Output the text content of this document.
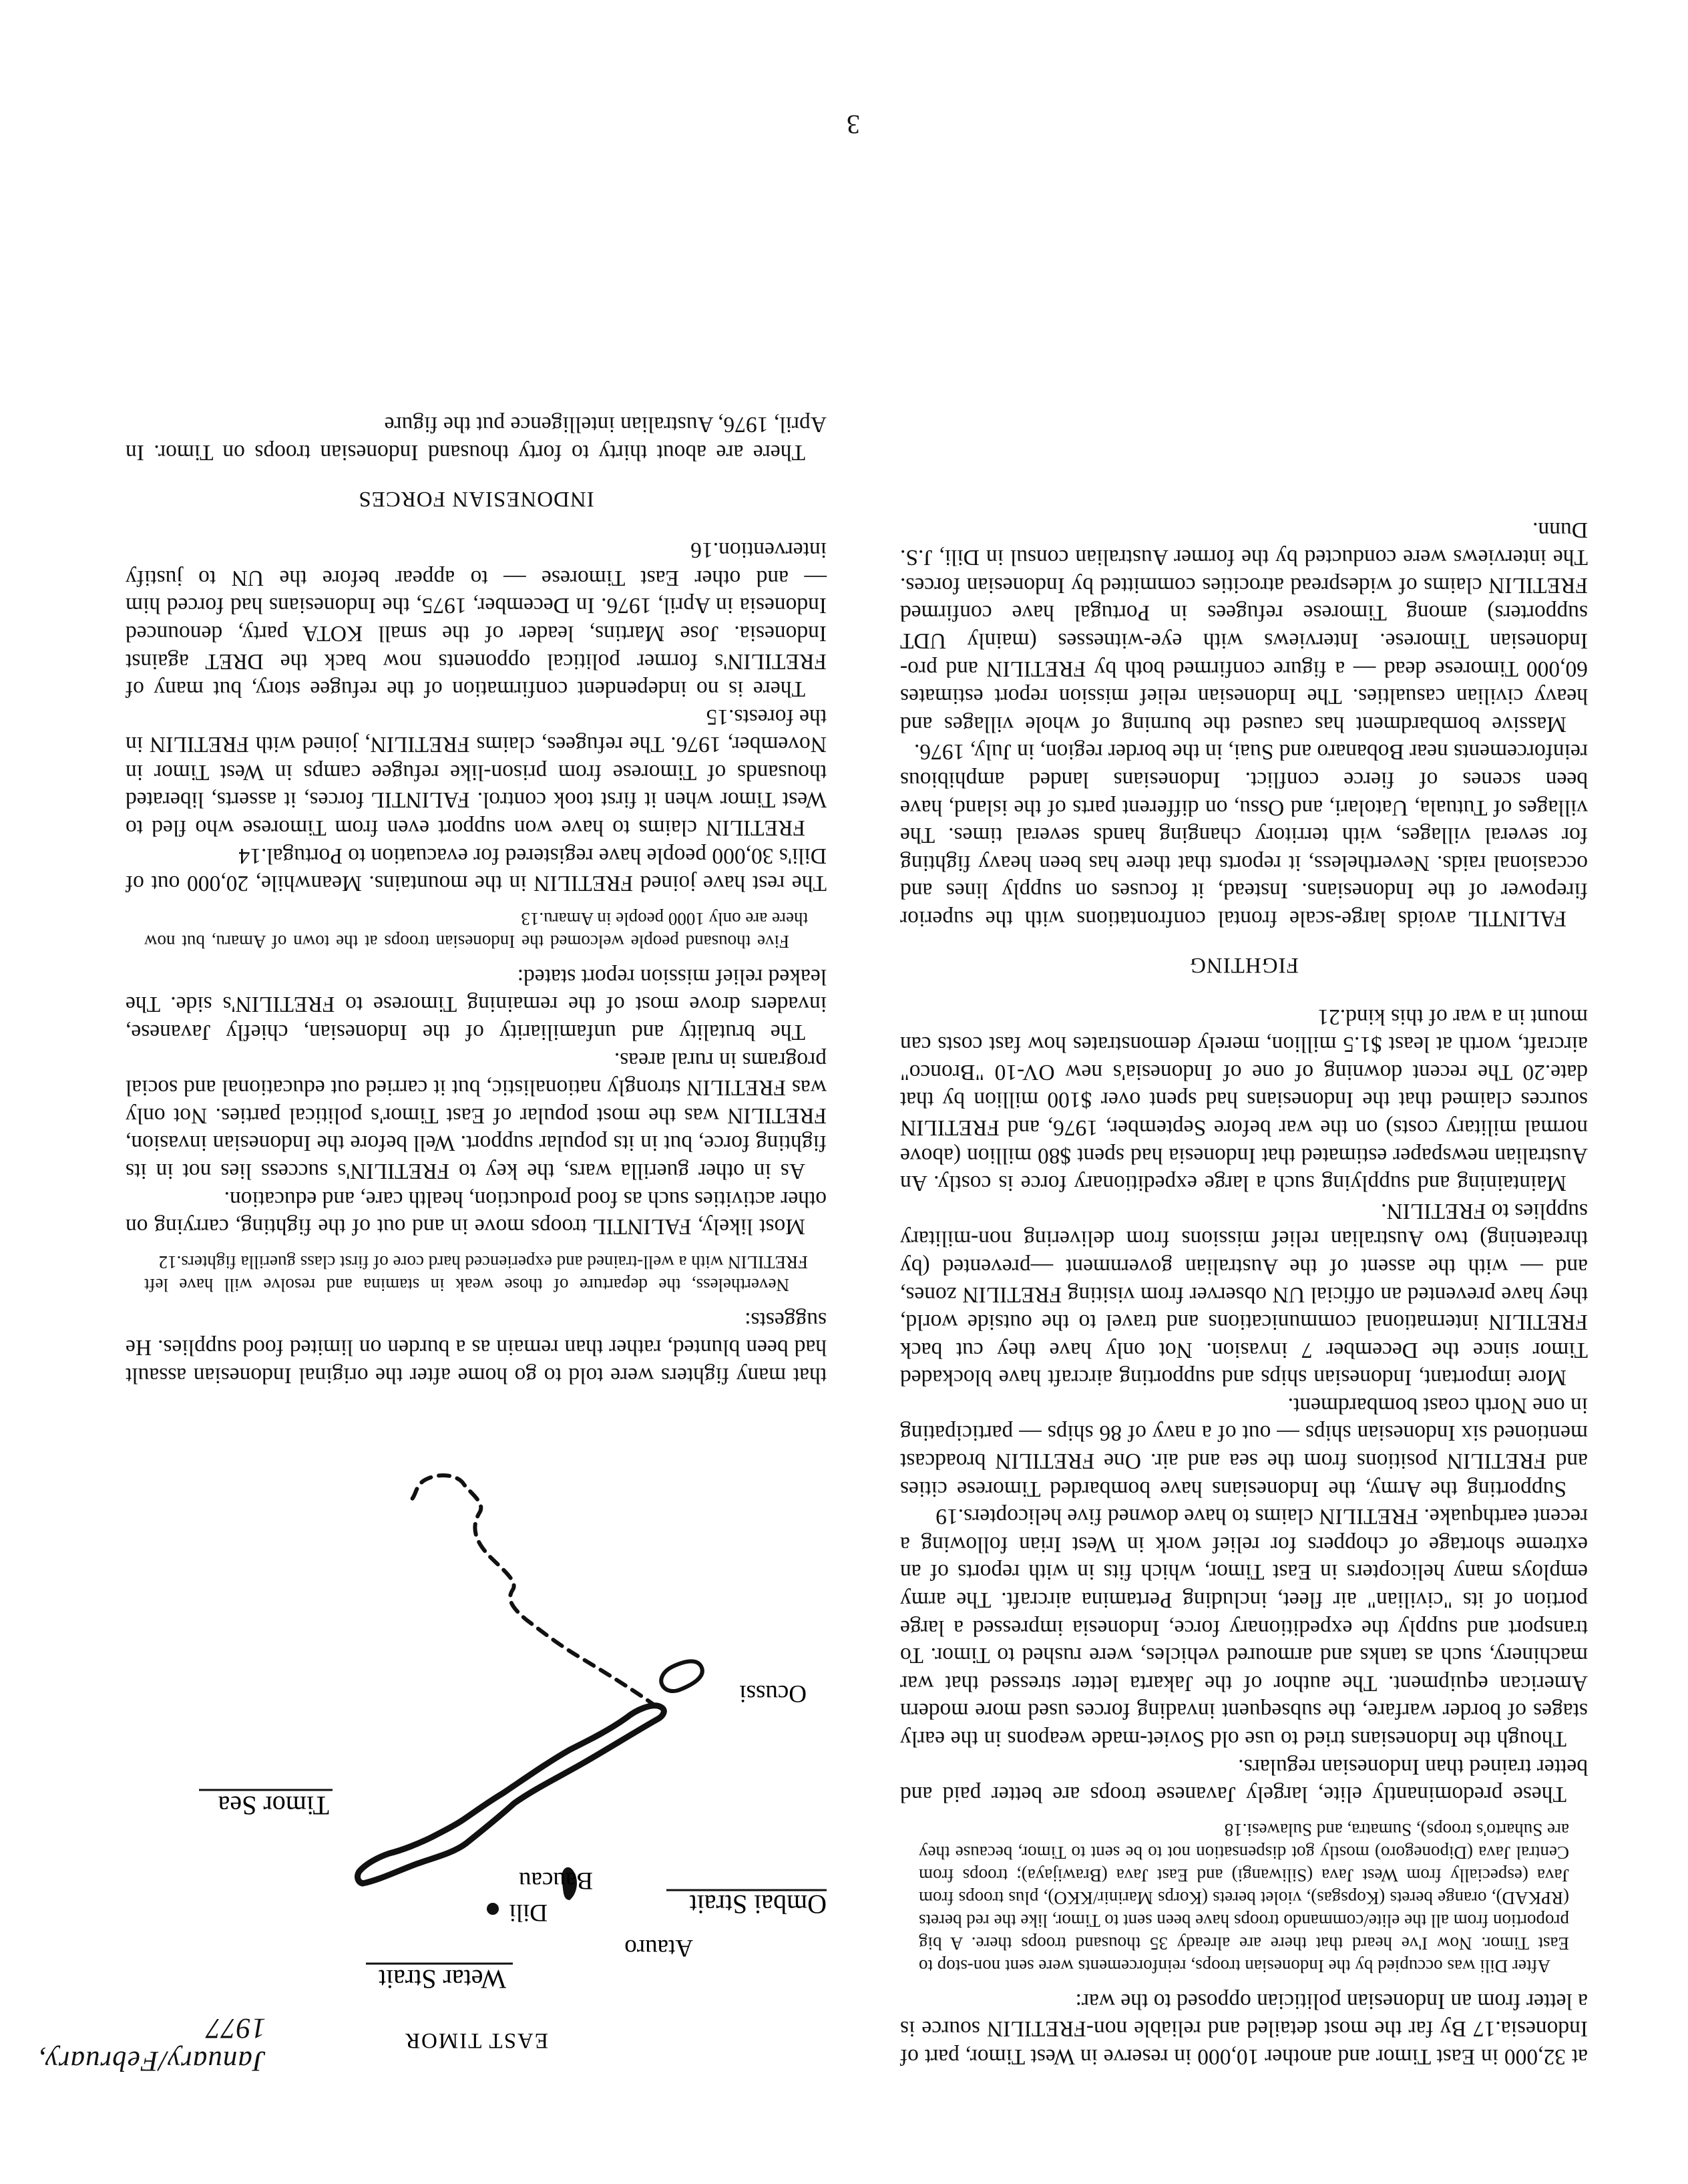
January/February, 1977

at 32,000 in East Timor and another 10,000 in reserve in West Timor, part of Indonesia.17 By far the most detailed and reliable non-FRETILIN source is a letter from an Indonesian politician opposed to the war:

After Dili was occupied by the Indonesian troops, reinforcements were sent non-stop to East Timor. Now I've heard that there are already 35 thousand troops there. A big proportion from all the elite/commando troops have been sent to Timor, like the red berets (RPKAD), orange berets (Kopsgas), violet berets (Korps Marinir/KKO), plus troops from Java (especially from West Java (Siliwangi) and East Java (Brawijaya); troops from Central Java (Diponegoro) mostly got dispensation not to be sent to Timor, because they are Suharto's troops), Sumatra, and Sulawesi.18

These predominantly elite, largely Javanese troops are better paid and better trained than Indonesian regulars.

Though the Indonesians tried to use old Soviet-made weapons in the early stages of border warfare, the subsequent invading forces used more modern American equipment. The author of the Jakarta letter stressed that war machinery, such as tanks and armoured vehicles, were rushed to Timor. To transport and supply the expeditionary force, Indonesia impressed a large portion of its "civilian" air fleet, including Pertamina aircraft. The army employs many helicopters in East Timor, which fits in with reports of an extreme shortage of choppers for relief work in West Irian following a recent earthquake. FRETILIN claims to have downed five helicopters.19

Supporting the Army, the Indonesians have bombarded Timorese cities and FRETILIN positions from the sea and air. One FRETILIN broadcast mentioned six Indonesian ships — out of a navy of 86 ships — participating in one North coast bombardment.

More important, Indonesian ships and supporting aircraft have blockaded Timor since the December 7 invasion. Not only have they cut back FRETILIN international communications and travel to the outside world, they have prevented an official UN observer from visiting FRETILIN zones, and — with the assent of the Australian government —prevented (by threatening) two Australian relief missions from delivering non-military supplies to FRETILIN.

Maintaining and supplying such a large expeditionary force is costly. An Australian newspaper estimated that Indonesia had spent $80 million (above normal military costs) on the war before September, 1976, and FRETILIN sources claimed that the Indonesians had spent over $100 million by that date.20 The recent downing of one of Indonesia's new OV-10 "Bronco" aircraft, worth at least $1.5 million, merely demonstrates how fast costs can mount in a war of this kind.21

FIGHTING

FALINTIL avoids large-scale frontal confrontations with the superior firepower of the Indonesians. Instead, it focuses on supply lines and occasional raids. Nevertheless, it reports that there has been heavy fighting for several villages, with territory changing hands several times. The villages of Tutuala, Uatolari, and Ossu, on different parts of the island, have been scenes of fierce conflict. Indonesians landed amphibious reinforcements near Bobanaro and Suai, in the border region, in July, 1976.

Massive bombardment has caused the burning of whole villages and heavy civilian casualties. The Indonesian relief mission report estimates 60,000 Timorese dead — a figure confirmed both by FRETILIN and pro-Indonesian Timorese. Interviews with eye-witnesses (mainly UDT supporters) among Timorese refugees in Portugal have confirmed FRETILIN claims of widespread atrocities committed by Indonesian forces. The interviews were conducted by the former Australian consul in Dili, J.S. Dunn.

EAST TIMOR
Atauro
Wetar Strait
Ombai Strait
Baucau
Dili
Ocussi
Timor Sea

that many fighters were told to go home after the original Indonesian assault had been blunted, rather than remain as a burden on limited food supplies. He suggests:

Nevertheless, the departure of those weak in stamina and resolve will have left FRETILIN with a well-trained and experienced hard core of first class guerilla fighters.12

Most likely, FALINTIL troops move in and out of the fighting, carrying on other activities such as food production, health care, and education.

As in other guerilla wars, the key to FRETILIN's success lies not in its fighting force, but in its popular support. Well before the Indonesian invasion, FRETILIN was the most popular of East Timor's political parties. Not only was FRETILIN strongly nationalistic, but it carried out educational and social programs in rural areas.

The brutality and unfamiliarity of the Indonesian, chiefly Javanese, invaders drove most of the remaining Timorese to FRETILIN's side. The leaked relief mission report stated:

Five thousand people welcomed the Indonesian troops at the town of Amaru, but now there are only 1000 people in Amaru.13

The rest have joined FRETILIN in the mountains. Meanwhile, 20,000 out of Dili's 30,000 people have registered for evacuation to Portugal.14

FRETILIN claims to have won support even from Timorese who fled to West Timor when it first took control. FALINTIL forces, it asserts, liberated thousands of Timorese from prison-like refugee camps in West Timor in November, 1976. The refugees, claims FRETILIN, joined with FRETILIN in the forests.15

There is no independent confirmation of the refugee story, but many of FRETILIN's former political opponents now back the DRET against Indonesia. Jose Martins, leader of the small KOTA party, denounced Indonesia in April, 1976. In December, 1975, the Indonesians had forced him — and other East Timorese — to appear before the UN to justify intervention.16

INDONESIAN FORCES

There are about thirty to forty thousand Indonesian troops on Timor. In April, 1976, Australian intelligence put the figure

3
